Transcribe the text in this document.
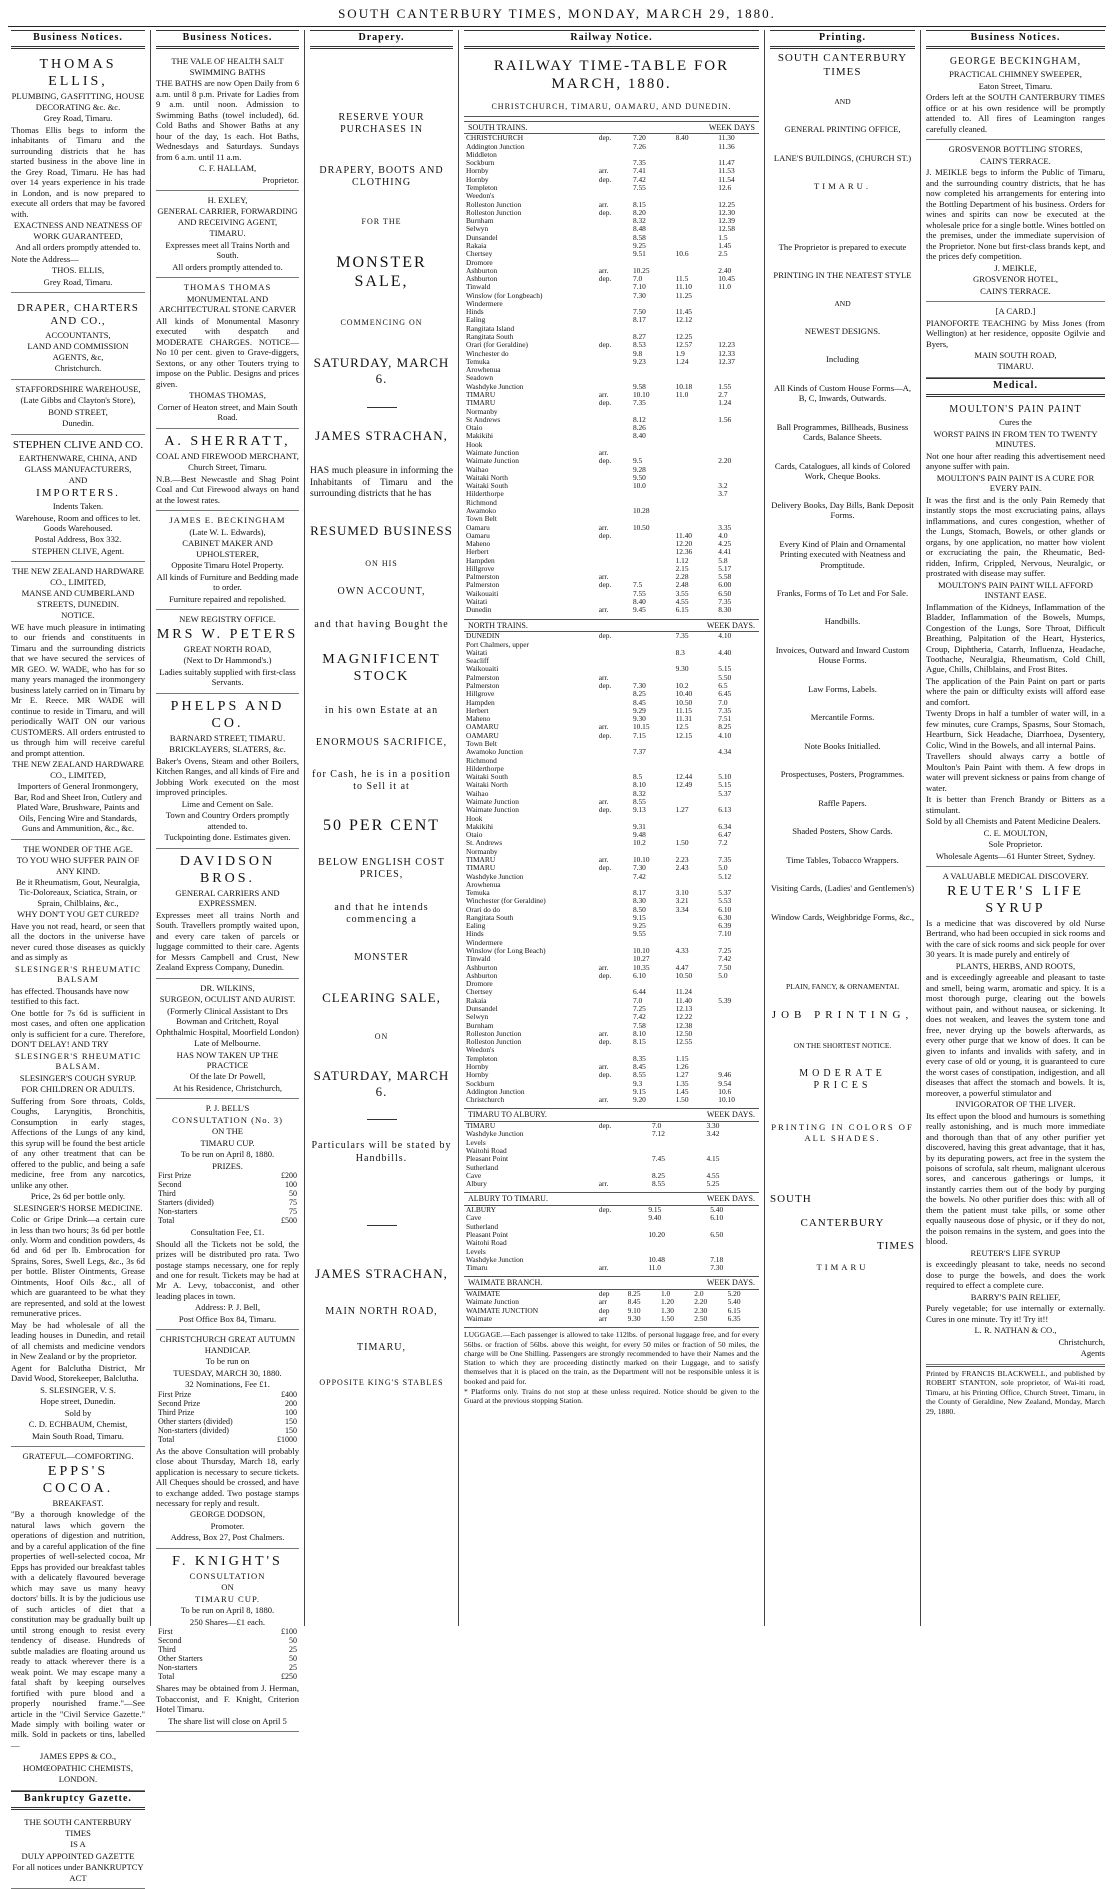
SOUTH CANTERBURY TIMES, MONDAY, MARCH 29, 1880.
Business Notices.

THOMAS ELLIS,

PLUMBING, GASFITTING, HOUSE DECORATING &c. &c.

Grey Road, Timaru.

Thomas Ellis begs to inform the inhabitants of Timaru and the surrounding districts that he has started business in the above line in the Grey Road, Timaru. He has had over 14 years experience in his trade in London, and is now prepared to execute all orders that may be favored with.

EXACTNESS AND NEATNESS OF WORK GUARANTEED,

And all orders promptly attended to.

Note the Address—

THOS. ELLIS,

Grey Road, Timaru.

DRAPER, CHARTERS AND CO.,

ACCOUNTANTS,

LAND AND COMMISSION AGENTS, &c,

Christchurch.

STAFFORDSHIRE WAREHOUSE,

(Late Gibbs and Clayton's Store),

BOND STREET,

Dunedin.

STEPHEN CLIVE AND CO.

EARTHENWARE, CHINA, AND GLASS MANUFACTURERS,

AND

IMPORTERS.

Indents Taken.

Warehouse, Room and offices to let. Goods Warehoused.

Postal Address, Box 332.

STEPHEN CLIVE, Agent.

THE NEW ZEALAND HARDWARE CO., LIMITED,

MANSE AND CUMBERLAND STREETS, DUNEDIN.

NOTICE.

WE have much pleasure in intimating to our friends and constituents in Timaru and the surrounding districts that we have secured the services of MR GEO. W. WADE, who has for so many years managed the ironmongery business lately carried on in Timaru by Mr E. Reece. MR WADE will continue to reside in Timaru, and will periodically WAIT ON our various CUSTOMERS. All orders entrusted to us through him will receive careful and prompt attention.

THE NEW ZEALAND HARDWARE CO., LIMITED,

Importers of General Ironmongery, Bar, Rod and Sheet Iron, Cutlery and Plated Ware, Brushware, Paints and Oils, Fencing Wire and Standards, Guns and Ammunition, &c., &c.

THE WONDER OF THE AGE.

TO YOU WHO SUFFER PAIN OF ANY KIND.

Be it Rheumatism, Gout, Neuralgia, Tic-Doloreaux, Sciatica, Strain, or Sprain, Chilblains, &c.,

WHY DON'T YOU GET CURED?

Have you not read, heard, or seen that all the doctors in the universe have never cured those diseases as quickly and as simply as

SLESINGER'S RHEUMATIC BALSAM

has effected. Thousands have now testified to this fact.

One bottle for 7s 6d is sufficient in most cases, and often one application only is sufficient for a cure. Therefore, DON'T DELAY! AND TRY

SLESINGER'S RHEUMATIC BALSAM.

SLESINGER'S COUGH SYRUP.

FOR CHILDREN OR ADULTS.

Suffering from Sore throats, Colds, Coughs, Laryngitis, Bronchitis, Consumption in early stages, Affections of the Lungs of any kind, this syrup will be found the best article of any other treatment that can be offered to the public, and being a safe medicine, free from any narcotics, unlike any other.

Price, 2s 6d per bottle only.

SLESINGER'S HORSE MEDICINE.

Colic or Gripe Drink—a certain cure in less than two hours; 3s 6d per bottle only. Worm and condition powders, 4s 6d and 6d per lb. Embrocation for Sprains, Sores, Swell Legs, &c., 3s 6d per bottle. Blister Ointments, Grease Ointments, Hoof Oils &c., all of which are guaranteed to be what they are represented, and sold at the lowest remunerative prices.

May be had wholesale of all the leading houses in Dunedin, and retail of all chemists and medicine vendors in New Zealand or by the proprietor.

Agent for Balclutha District, Mr David Wood, Storekeeper, Balclutha.

S. SLESINGER, V. S.

Hope street, Dunedin.

Sold by

C. D. ECHBAUM, Chemist,

Main South Road, Timaru.

GRATEFUL—COMFORTING.

EPPS'S COCOA.

BREAKFAST.

"By a thorough knowledge of the natural laws which govern the operations of digestion and nutrition, and by a careful application of the fine properties of well-selected cocoa, Mr Epps has provided our breakfast tables with a delicately flavoured beverage which may save us many heavy doctors' bills. It is by the judicious use of such articles of diet that a constitution may be gradually built up until strong enough to resist every tendency of disease. Hundreds of subtle maladies are floating around us ready to attack wherever there is a weak point. We may escape many a fatal shaft by keeping ourselves fortified with pure blood and a properly nourished frame."—See article in the "Civil Service Gazette." Made simply with boiling water or milk. Sold in packets or tins, labelled—

JAMES EPPS & CO.,

HOMŒOPATHIC CHEMISTS,

LONDON.

Bankruptcy Gazette.

THE SOUTH CANTERBURY TIMES

IS A

DULY APPOINTED GAZETTE

For all notices under BANKRUPTCY ACT

Business Notices.

THE VALE OF HEALTH SALT SWIMMING BATHS

THE BATHS are now Open Daily from 6 a.m. until 8 p.m. Private for Ladies from 9 a.m. until noon. Admission to Swimming Baths (towel included), 6d. Cold Baths and Shower Baths at any hour of the day, 1s each. Hot Baths, Wednesdays and Saturdays. Sundays from 6 a.m. until 11 a.m.

C. F. HALLAM,

Proprietor.

H. EXLEY,

GENERAL CARRIER, FORWARDING AND RECEIVING AGENT,

TIMARU.

Expresses meet all Trains North and South.

All orders promptly attended to.

THOMAS THOMAS

MONUMENTAL AND ARCHITECTURAL STONE CARVER

All kinds of Monumental Masonry executed with despatch and MODERATE CHARGES. NOTICE—No 10 per cent. given to Grave-diggers, Sextons, or any other Touters trying to impose on the Public. Designs and prices given.

THOMAS THOMAS,

Corner of Heaton street, and Main South Road.

A. SHERRATT,

COAL AND FIREWOOD MERCHANT,

Church Street, Timaru.

N.B.—Best Newcastle and Shag Point Coal and Cut Firewood always on hand at the lowest rates.

JAMES E. BECKINGHAM

(Late W. L. Edwards),

CABINET MAKER AND UPHOLSTERER,

Opposite Timaru Hotel Property.

All kinds of Furniture and Bedding made to order.

Furniture repaired and repolished.

NEW REGISTRY OFFICE.

MRS W. PETERS

GREAT NORTH ROAD,

(Next to Dr Hammond's.)

Ladies suitably supplied with first-class Servants.

PHELPS AND CO.

BARNARD STREET, TIMARU.

BRICKLAYERS, SLATERS, &c.

Baker's Ovens, Steam and other Boilers, Kitchen Ranges, and all kinds of Fire and Jobbing Work executed on the most improved principles.

Lime and Cement on Sale.

Town and Country Orders promptly attended to.

Tuckpointing done. Estimates given.

DAVIDSON BROS.

GENERAL CARRIERS AND EXPRESSMEN.

Expresses meet all trains North and South. Travellers promptly waited upon, and every care taken of parcels or luggage committed to their care. Agents for Messrs Campbell and Crust, New Zealand Express Company, Dunedin.

DR. WILKINS,

SURGEON, OCULIST AND AURIST.

(Formerly Clinical Assistant to Drs Bowman and Critchett, Royal Ophthalmic Hospital, Moorfield London)

Late of Melbourne.

HAS NOW TAKEN UP THE PRACTICE

Of the late Dr Powell,

At his Residence, Christchurch,

P. J. BELL'S

CONSULTATION (No. 3)

ON THE

TIMARU CUP.

To be run on April 8, 1880.

PRIZES.

First Prize	£200
Second	100
Third	50
Starters (divided)	75
Non-starters	75
Total	£500

Consultation Fee, £1.

Should all the Tickets not be sold, the prizes will be distributed pro rata. Two postage stamps necessary, one for reply and one for result. Tickets may be had at Mr A. Levy, tobacconist, and other leading places in town.

Address: P. J. Bell,

Post Office Box 84, Timaru.

CHRISTCHURCH GREAT AUTUMN HANDICAP.

To be run on

TUESDAY, MARCH 30, 1880.

32 Nominations, Fee £1.

First Prize	£400
Second Prize	200
Third Prize	100
Other starters (divided)	150
Non-starters (divided)	150
Total	£1000

As the above Consultation will probably close about Thursday, March 18, early application is necessary to secure tickets. All Cheques should be crossed, and have to exchange added. Two postage stamps necessary for reply and result.

GEORGE DODSON,

Promoter.

Address, Box 27, Post Chalmers.

F. KNIGHT'S

CONSULTATION

ON

TIMARU CUP.

To be run on April 8, 1880.

250 Shares—£1 each.

First	£100
Second	50
Third	25
Other Starters	50
Non-starters	25
Total	£250

Shares may be obtained from J. Herman, Tobacconist, and F. Knight, Criterion Hotel Timaru.

The share list will close on April 5

Drapery.

RESERVE YOUR PURCHASES IN

DRAPERY, BOOTS AND CLOTHING

FOR THE

MONSTER SALE,

COMMENCING ON

SATURDAY, MARCH 6.

JAMES STRACHAN,

HAS much pleasure in informing the Inhabitants of Timaru and the surrounding districts that he has

RESUMED BUSINESS

ON HIS

OWN ACCOUNT,

and that having Bought the

MAGNIFICENT STOCK

in his own Estate at an

ENORMOUS SACRIFICE,

for Cash, he is in a position to Sell it at

50 PER CENT

BELOW ENGLISH COST PRICES,

and that he intends commencing a

MONSTER

CLEARING SALE,

ON

SATURDAY, MARCH 6.

Particulars will be stated by Handbills.

JAMES STRACHAN,

MAIN NORTH ROAD,

TIMARU,

OPPOSITE KING'S STABLES

Railway Notice.

RAILWAY TIME-TABLE FOR MARCH, 1880.

CHRISTCHURCH, TIMARU, OAMARU, AND DUNEDIN.

SOUTH TRAINS.	WEEK DAYS
CHRISTCHURCH	dep.	7.20	8.40	11.30
Addington Junction		7.26		11.36
Middleton				
Sockburn		7.35		11.47
Hornby	arr.	7.41		11.53
Hornby	dep.	7.42		11.54
Templeton		7.55		12.6
Weedon's				
Rolleston Junction	arr.	8.15		12.25
Rolleston Junction	dep.	8.20		12.30
Burnham		8.32		12.39
Selwyn		8.48		12.58
Dunsandel		8.58		1.5
Rakaia		9.25		1.45
Chertsey		9.51	10.6	2.5
Dromore				
Ashburton	arr.	10.25		2.40
Ashburton	dep.	7.0	11.5	10.45
Tinwald		7.10	11.10	11.0
Winslow (for Longbeach)		7.30	11.25	
Windermere				
Hinds		7.50	11.45	
Ealing		8.17	12.12	
Rangitata Island				
Rangitata South		8.27	12.25	
Orari (for Geraldine)	dep.	8.53	12.57	12.23
Winchester do		9.8	1.9	12.33
Temuka		9.23	1.24	12.37
Arowhenua				
Seadown				
Washdyke Junction		9.58	10.18	1.55
TIMARU	arr.	10.10	11.0	2.7
TIMARU	dep.	7.35		1.24
Normanby				
St Andrews		8.12		1.56
Otaio		8.26		
Makikihi		8.40		
Hook				
Waimate Junction	arr.			
Waimate Junction	dep.	9.5		2.20
Waihao		9.28		
Waitaki North		9.50		
Waitaki South		10.0		3.2
Hilderthorpe				3.7
Richmond				
Awamoko		10.28		
Town Belt				
Oamaru	arr.	10.50		3.35
Oamaru	dep.		11.40	4.0
Maheno			12.20	4.25
Herbert			12.36	4.41
Hampden			1.12	5.8
Hillgrove			2.15	5.17
Palmerston	arr.		2.28	5.58
Palmerston	dep.	7.5	2.48	6.00
Waikouaiti		7.55	3.55	6.50
Waitati		8.40	4.55	7.35
Dunedin	arr.	9.45	6.15	8.30
NORTH TRAINS.	WEEK DAYS.
DUNEDIN	dep.		7.35	4.10
Port Chalmers, upper				
Waitati			8.3	4.40
Seacliff				
Waikouaiti			9.30	5.15
Palmerston	arr.			5.50
Palmerston	dep.	7.30	10.2	6.5
Hillgrove		8.25	10.40	6.45
Hampden		8.45	10.50	7.0
Herbert		9.29	11.15	7.35
Maheno		9.30	11.31	7.51
OAMARU	arr.	10.15	12.5	8.25
OAMARU	dep.	7.15	12.15	4.10
Town Belt				
Awamoko Junction		7.37		4.34
Richmond				
Hilderthorpe				
Waitaki South		8.5	12.44	5.10
Waitaki North		8.10	12.49	5.15
Waihao		8.32		5.37
Waimate Junction	arr.	8.55		
Waimate Junction	dep.	9.13	1.27	6.13
Hook				
Makikihi		9.31		6.34
Otaio		9.48		6.47
St. Andrews		10.2	1.50	7.2
Normanby				
TIMARU	arr.	10.10	2.23	7.35
TIMARU	dep.	7.30	2.43	5.0
Washdyke Junction		7.42		5.12
Arowhenua				
Temuka		8.17	3.10	5.37
Winchester (for Geraldine)		8.30	3.21	5.53
Orari do do		8.50	3.34	6.10
Rangitata South		9.15		6.30
Ealing		9.25		6.39
Hinds		9.55		7.10
Windermere				
Winslow (for Long Beach)		10.10	4.33	7.25
Tinwald		10.27		7.42
Ashburton	arr.	10.35	4.47	7.50
Ashburton	dep.	6.10	10.50	5.0
Dromore				
Chertsey		6.44	11.24	
Rakaia		7.0	11.40	5.39
Dunsandel		7.25	12.13	
Selwyn		7.42	12.22	
Burnham		7.58	12.38	
Rolleston Junction	arr.	8.10	12.50	
Rolleston Junction	dep.	8.15	12.55	
Weedon's				
Templeton		8.35	1.15	
Hornby	arr.	8.45	1.26	
Hornby	dep.	8.55	1.27	9.46
Sockburn		9.3	1.35	9.54
Addington Junction		9.15	1.45	10.6
Christchurch	arr.	9.20	1.50	10.10
TIMARU TO ALBURY.	WEEK DAYS.
TIMARU	dep.	7.0	3.30
Washdyke Junction		7.12	3.42
Levels			
Waitohi Road			
Pleasant Point		7.45	4.15
Sutherland			
Cave		8.25	4.55
Albury	arr.	8.55	5.25
ALBURY TO TIMARU.	WEEK DAYS.
ALBURY	dep.	9.15	5.40
Cave		9.40	6.10
Sutherland			
Pleasant Point		10.20	6.50
Waitohi Road			
Levels			
Washdyke Junction		10.48	7.18
Timaru	arr.	11.0	7.30
WAIMATE BRANCH.	WEEK DAYS.
WAIMATE	dep	8.25	1.0	2.0	5.20
Waimate Junction	arr	8.45	1.20	2.20	5.40
WAIMATE JUNCTION	dep	9.10	1.30	2.30	6.15
Waimate	arr	9.30	1.50	2.50	6.35

LUGGAGE.—Each passenger is allowed to take 112lbs. of personal luggage free, and for every 56lbs. or fraction of 56lbs. above this weight, for every 50 miles or fraction of 50 miles, the charge will be One Shilling. Passengers are strongly recommended to have their Names and the Station to which they are proceeding distinctly marked on their Luggage, and to satisfy themselves that it is placed on the train, as the Department will not be responsible unless it is booked and paid for.

* Platforms only. Trains do not stop at these unless required. Notice should be given to the Guard at the previous stopping Station.

Printing.

SOUTH CANTERBURY TIMES

AND

GENERAL PRINTING OFFICE,

LANE'S BUILDINGS, (CHURCH ST.)

TIMARU.

The Proprietor is prepared to execute

PRINTING IN THE NEATEST STYLE

AND

NEWEST DESIGNS.

Including

All Kinds of Custom House Forms—A, B, C, Inwards, Outwards.

Ball Programmes, Billheads, Business Cards, Balance Sheets.

Cards, Catalogues, all kinds of Colored Work, Cheque Books.

Delivery Books, Day Bills, Bank Deposit Forms.

Every Kind of Plain and Ornamental Printing executed with Neatness and Promptitude.

Franks, Forms of To Let and For Sale.

Handbills.

Invoices, Outward and Inward Custom House Forms.

Law Forms, Labels.

Mercantile Forms.

Note Books Initialled.

Prospectuses, Posters, Programmes.

Raffle Papers.

Shaded Posters, Show Cards.

Time Tables, Tobacco Wrappers.

Visiting Cards, (Ladies' and Gentlemen's)

Window Cards, Weighbridge Forms, &c.,

PLAIN, FANCY, & ORNAMENTAL

JOB PRINTING,

ON THE SHORTEST NOTICE.

MODERATE PRICES

PRINTING IN COLORS OF ALL SHADES.

SOUTH

CANTERBURY

TIMES

TIMARU

Business Notices.

GEORGE BECKINGHAM,

PRACTICAL CHIMNEY SWEEPER,

Eaton Street, Timaru.

Orders left at the SOUTH CANTERBURY TIMES office or at his own residence will be promptly attended to. All fires of Leamington ranges carefully cleaned.

GROSVENOR BOTTLING STORES,

CAIN'S TERRACE.

J. MEIKLE begs to inform the Public of Timaru, and the surrounding country districts, that he has now completed his arrangements for entering into the Bottling Department of his business. Orders for wines and spirits can now be executed at the wholesale price for a single bottle. Wines bottled on the premises, under the immediate supervision of the Proprietor. None but first-class brands kept, and the prices defy competition.

J. MEIKLE,

GROSVENOR HOTEL,

CAIN'S TERRACE.

[A CARD.]

PIANOFORTE TEACHING by Miss Jones (from Wellington) at her residence, opposite Ogilvie and Byers,

MAIN SOUTH ROAD,

TIMARU.

Medical.

MOULTON'S PAIN PAINT

Cures the

WORST PAINS IN FROM TEN TO TWENTY MINUTES.

Not one hour after reading this advertisement need anyone suffer with pain.

MOULTON'S PAIN PAINT IS A CURE FOR EVERY PAIN.

It was the first and is the only Pain Remedy that instantly stops the most excruciating pains, allays inflammations, and cures congestion, whether of the Lungs, Stomach, Bowels, or other glands or organs, by one application, no matter how violent or excruciating the pain, the Rheumatic, Bed-ridden, Infirm, Crippled, Nervous, Neuralgic, or prostrated with disease may suffer.

MOULTON'S PAIN PAINT WILL AFFORD INSTANT EASE.

Inflammation of the Kidneys, Inflammation of the Bladder, Inflammation of the Bowels, Mumps, Congestion of the Lungs, Sore Throat, Difficult Breathing, Palpitation of the Heart, Hysterics, Croup, Diphtheria, Catarrh, Influenza, Headache, Toothache, Neuralgia, Rheumatism, Cold Chill, Ague, Chills, Chilblains, and Frost Bites.

The application of the Pain Paint on part or parts where the pain or difficulty exists will afford ease and comfort.

Twenty Drops in half a tumbler of water will, in a few minutes, cure Cramps, Spasms, Sour Stomach, Heartburn, Sick Headache, Diarrhoea, Dysentery, Colic, Wind in the Bowels, and all internal Pains.

Travellers should always carry a bottle of Moulton's Pain Paint with them. A few drops in water will prevent sickness or pains from change of water.

It is better than French Brandy or Bitters as a stimulant.

Sold by all Chemists and Patent Medicine Dealers.

C. E. MOULTON,

Sole Proprietor.

Wholesale Agents—61 Hunter Street, Sydney.

A VALUABLE MEDICAL DISCOVERY.

REUTER'S LIFE SYRUP

Is a medicine that was discovered by old Nurse Bertrand, who had been occupied in sick rooms and with the care of sick rooms and sick people for over 30 years. It is made purely and entirely of

PLANTS, HERBS, AND ROOTS,

and is exceedingly agreeable and pleasant to taste and smell, being warm, aromatic and spicy. It is a most thorough purge, clearing out the bowels without pain, and without nausea, or sickening. It does not weaken, and leaves the system tone and free, never drying up the bowels afterwards, as every other purge that we know of does. It can be given to infants and invalids with safety, and in every case of old or young, it is guaranteed to cure the worst cases of constipation, indigestion, and all diseases that affect the stomach and bowels. It is, moreover, a powerful stimulator and

INVIGORATOR OF THE LIVER.

Its effect upon the blood and humours is something really astonishing, and is much more immediate and thorough than that of any other purifier yet discovered, having this great advantage, that it has, by its depurating powers, act free in the system the poisons of scrofula, salt rheum, malignant ulcerous sores, and cancerous gatherings or lumps, it instantly carries them out of the body by purging the bowels. No other purifier does this: with all of them the patient must take pills, or some other equally nauseous dose of physic, or if they do not, the poison remains in the system, and goes into the blood.

REUTER'S LIFE SYRUP

is exceedingly pleasant to take, needs no second dose to purge the bowels, and does the work required to effect a complete cure.

BARRY'S PAIN RELIEF,

Purely vegetable; for use internally or externally. Cures in one minute. Try it! Try it!!

L. R. NATHAN & CO.,

Christchurch,

Agents

Printed by FRANCIS BLACKWELL, and published by ROBERT STANTON, sole proprietor, of Wai-iti road, Timaru, at his Printing Office, Church Street, Timaru, in the County of Geraldine, New Zealand, Monday, March 29, 1880.
